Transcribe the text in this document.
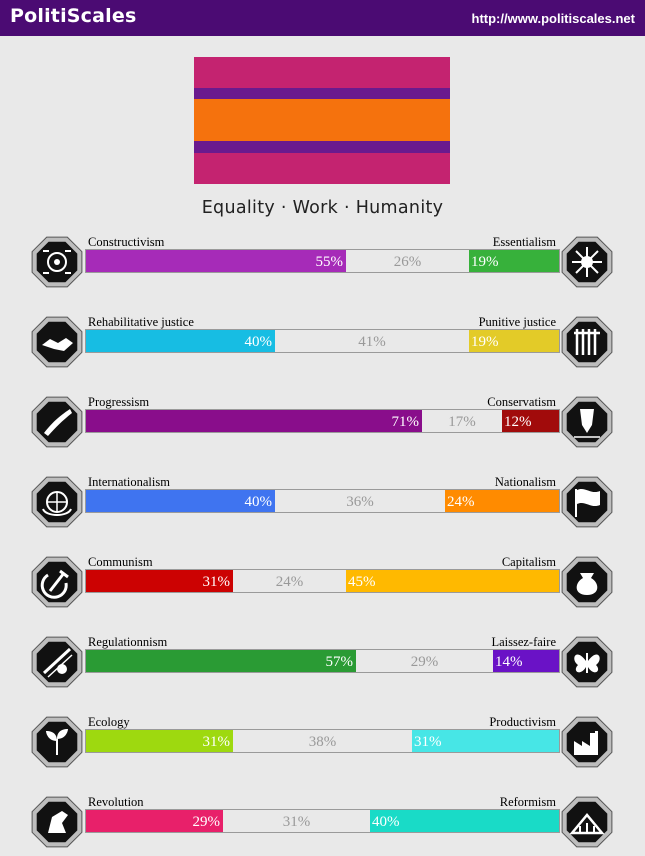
PolitiScales	http://www.politiscales.net
Equality · Work · Humanity
Constructivism	Essentialism
55%	26%	19%
Rehabilitative justice	Punitive justice
40%	41%	19%
Progressism	Conservatism
71%	17%	12%
Internationalism	Nationalism
40%	36%	24%
Communism	Capitalism
31%	24%	45%
Regulationnism	Laissez-faire
57%	29%	14%
Ecology	Productivism
31%	38%	31%
Revolution	Reformism
29%	31%	40%
